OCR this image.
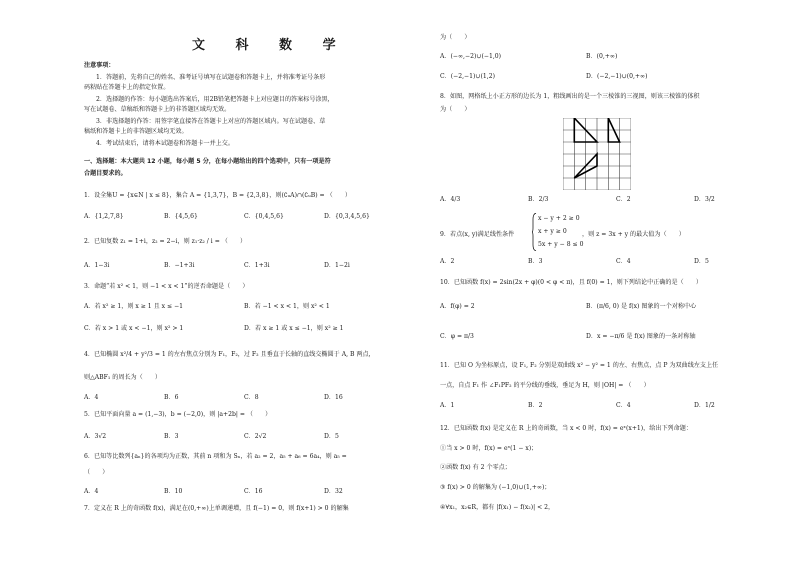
文 科 数 学
注意事项：
1．答题前，先将自己的姓名、准考证号填写在试题卷和答题卡上，并将准考证号条形
码粘贴在答题卡上的指定位置。
2．选择题的作答：每小题选出答案后，用2B铅笔把答题卡上对应题目的答案标号涂黑，
写在试题卷、草稿纸和答题卡上的非答题区域均无效。
3．非选择题的作答：用签字笔直接答在答题卡上对应的答题区域内。写在试题卷、草
稿纸和答题卡上的非答题区域均无效。
4．考试结束后，请将本试题卷和答题卡一并上交。
一、选择题：本大题共 12 小题，每小题 5 分，在每小题给出的四个选项中，只有一项是符
合题目要求的。
1．设全集U = {x∈N | x ≤ 8}，集合 A = {1,3,7}，B = {2,3,8}，则(∁ᵤA)∩(∁ᵤB) = （　　）
A．{1,2,7,8}	B．{4,5,6}	C．{0,4,5,6}	D．{0,3,4,5,6}
2．已知复数 z₁ = 1+i，z₂ = 2−i，则 z₁·z₂ / i = （　　）
A．1−3i	B．−1+3i	C．1+3i	D．1−2i
3．命题“若 x² < 1，则 −1 < x < 1”的逆否命题是（　　）
A．若 x² ≥ 1，则 x ≥ 1 且 x ≤ −1	B．若 −1 < x < 1，则 x² < 1
C．若 x > 1 或 x < −1，则 x² > 1	D．若 x ≥ 1 或 x ≤ −1，则 x² ≥ 1
4．已知椭圆 x²/4 + y²/3 = 1 的左右焦点分别为 F₁，F₂，过 F₂ 且垂直于长轴的直线交椭圆于 A, B 两点，
则△ABF₁ 的周长为（　　）
A．4	B．6	C．8	D．16
5．已知平面向量 a = (1,−3)，b = (−2,0)，则 |a+2b| = （　　）
A．3√2	B．3	C．2√2	D．5
6．已知等比数列{aₙ}的各项均为正数，其前 n 项和为 Sₙ，若 a₂ = 2，a₅ + a₆ = 6a₄，则 a₅ =
（　　）
A．4	B．10	C．16	D．32
7．定义在 R 上的奇函数 f(x)，满足在(0,+∞)上单调递增，且 f(−1) = 0，则 f(x+1) > 0 的解集
为（　　）
A．(−∞,−2)∪(−1,0)	B．(0,+∞)
C．(−2,−1)∪(1,2)	D．(−2,−1)∪(0,+∞)
8．如图，网格纸上小正方形的边长为 1，粗线画出的是一个三棱锥的三视图，则该三棱锥的体积
为（　　）
A．4/3	B．2/3	C．2	D．3/2
9．若点(x, y)满足线性条件
x − y + 2 ≥ 0
x + y ≥ 0
5x + y − 8 ≤ 0
，则 z = 3x + y 的最大值为（　　）
A．2	B．3	C．4	D．5
10．已知函数 f(x) = 2sin(2x + φ)(0 < φ < π)，且 f(0) = 1，则下列结论中正确的是（　　）
A．f(φ) = 2	B．(π/6, 0) 是 f(x) 图象的一个对称中心
C．φ = π/3	D．x = −π/6 是 f(x) 图象的一条对称轴
11．已知 O 为坐标原点，设 F₁, F₂ 分别是双曲线 x² − y² = 1 的左、右焦点，点 P 为双曲线左支上任
一点，自点 F₁ 作 ∠F₁PF₂ 的平分线的垂线，垂足为 H，则 |OH| = （　　）
A．1	B．2	C．4	D．1/2
12．已知函数 f(x) 是定义在 R 上的奇函数，当 x < 0 时，f(x) = eˣ(x+1)，给出下列命题：
①当 x > 0 时，f(x) = eˣ(1 − x)；
②函数 f(x) 有 2 个零点；
③ f(x) > 0 的解集为 (−1,0)∪(1,+∞)；
④∀x₁，x₂∈R，都有 |f(x₁) − f(x₂)| < 2，
